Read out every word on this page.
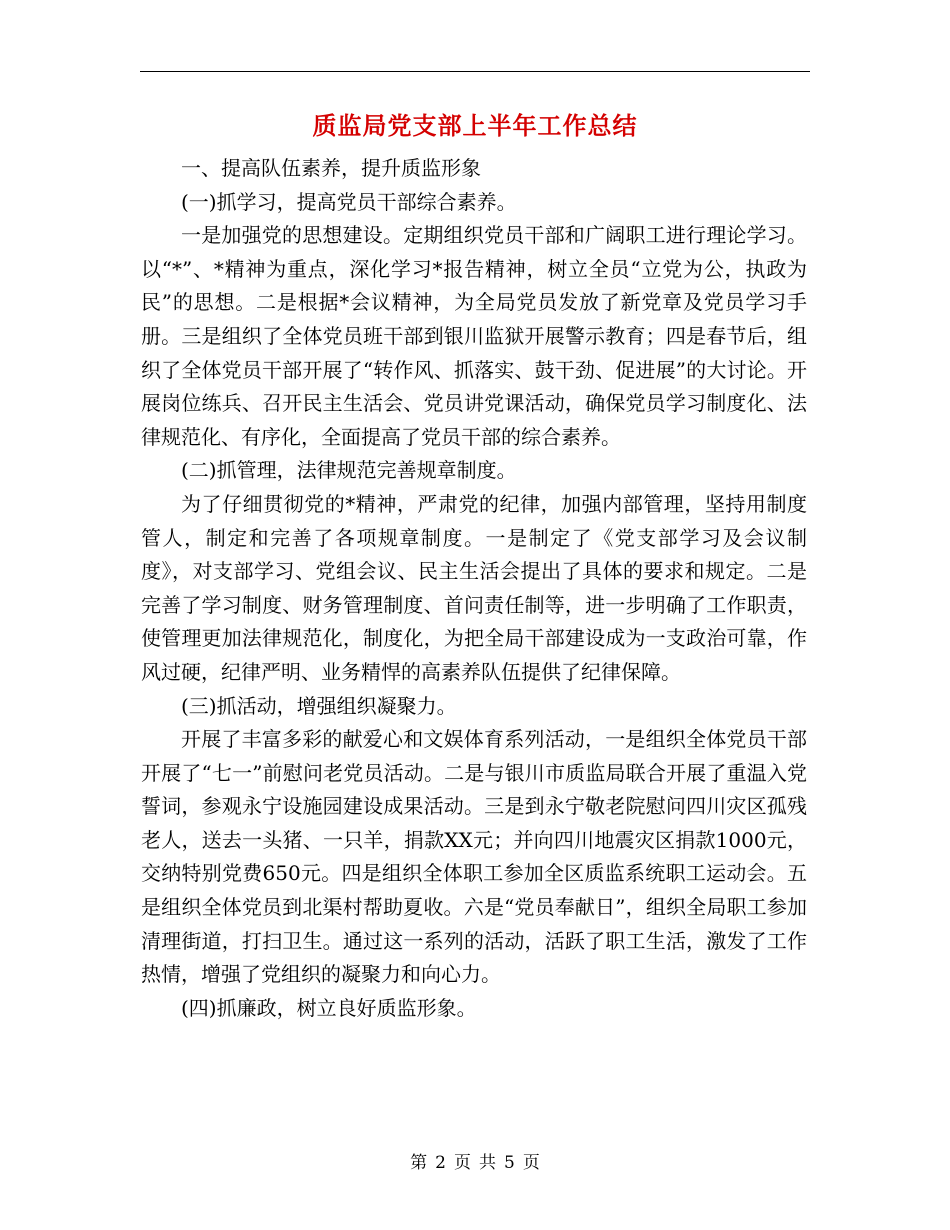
质监局党支部上半年工作总结

一、提高队伍素养，提升质监形象

(一)抓学习，提高党员干部综合素养。

一是加强党的思想建设。定期组织党员干部和广阔职工进行理论学习。以“*”、*精神为重点，深化学习*报告精神，树立全员“立党为公，执政为民”的思想。二是根据*会议精神，为全局党员发放了新党章及党员学习手册。三是组织了全体党员班干部到银川监狱开展警示教育；四是春节后，组织了全体党员干部开展了“转作风、抓落实、鼓干劲、促进展”的大讨论。开展岗位练兵、召开民主生活会、党员讲党课活动，确保党员学习制度化、法律规范化、有序化，全面提高了党员干部的综合素养。

(二)抓管理，法律规范完善规章制度。

为了仔细贯彻党的*精神，严肃党的纪律，加强内部管理，坚持用制度管人，制定和完善了各项规章制度。一是制定了《党支部学习及会议制度》，对支部学习、党组会议、民主生活会提出了具体的要求和规定。二是完善了学习制度、财务管理制度、首问责任制等，进一步明确了工作职责，使管理更加法律规范化，制度化，为把全局干部建设成为一支政治可靠，作风过硬，纪律严明、业务精悍的高素养队伍提供了纪律保障。

(三)抓活动，增强组织凝聚力。

开展了丰富多彩的献爱心和文娱体育系列活动，一是组织全体党员干部开展了“七一”前慰问老党员活动。二是与银川市质监局联合开展了重温入党誓词，参观永宁设施园建设成果活动。三是到永宁敬老院慰问四川灾区孤残老人，送去一头猪、一只羊，捐款XX元；并向四川地震灾区捐款1000元，交纳特别党费650元。四是组织全体职工参加全区质监系统职工运动会。五是组织全体党员到北渠村帮助夏收。六是“党员奉献日”，组织全局职工参加清理街道，打扫卫生。通过这一系列的活动，活跃了职工生活，激发了工作热情，增强了党组织的凝聚力和向心力。

(四)抓廉政，树立良好质监形象。

第 2 页 共 5 页
